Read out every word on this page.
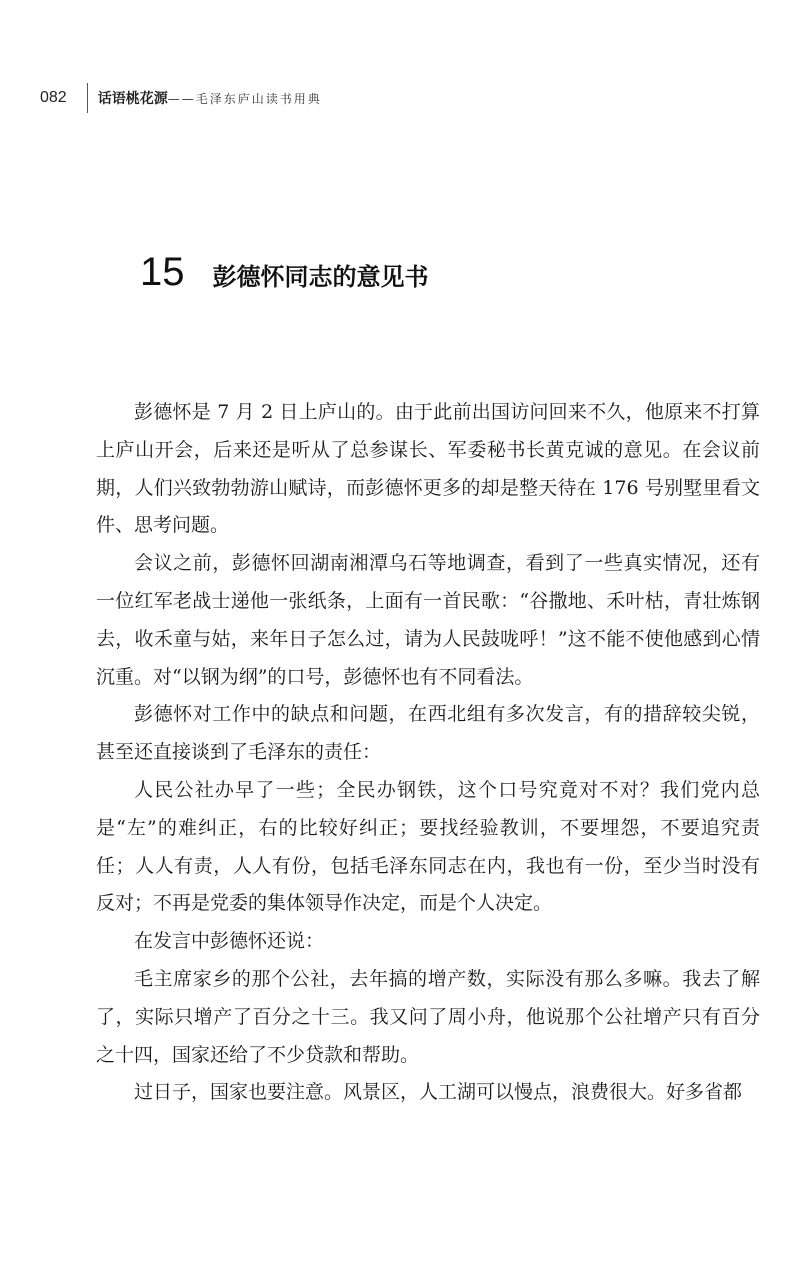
082 话语桃花源 ——毛泽东庐山读书用典
15 彭德怀同志的意见书

彭德怀是 7 月 2 日上庐山的。由于此前出国访问回来不久，他原来不打算上庐山开会，后来还是听从了总参谋长、军委秘书长黄克诚的意见。在会议前期，人们兴致勃勃游山赋诗，而彭德怀更多的却是整天待在 176 号别墅里看文件、思考问题。

会议之前，彭德怀回湖南湘潭乌石等地调查，看到了一些真实情况，还有一位红军老战士递他一张纸条，上面有一首民歌：“谷撒地、禾叶枯，青壮炼钢去，收禾童与姑，来年日子怎么过，请为人民鼓咙呼！”这不能不使他感到心情沉重。对“以钢为纲”的口号，彭德怀也有不同看法。

彭德怀对工作中的缺点和问题，在西北组有多次发言，有的措辞较尖锐，甚至还直接谈到了毛泽东的责任：

人民公社办早了一些；全民办钢铁，这个口号究竟对不对？我们党内总是“左”的难纠正，右的比较好纠正；要找经验教训，不要埋怨，不要追究责任；人人有责，人人有份，包括毛泽东同志在内，我也有一份，至少当时没有反对；不再是党委的集体领导作决定，而是个人决定。

在发言中彭德怀还说：

毛主席家乡的那个公社，去年搞的增产数，实际没有那么多嘛。我去了解了，实际只增产了百分之十三。我又问了周小舟，他说那个公社增产只有百分之十四，国家还给了不少贷款和帮助。

过日子，国家也要注意。风景区，人工湖可以慢点，浪费很大。好多省都
